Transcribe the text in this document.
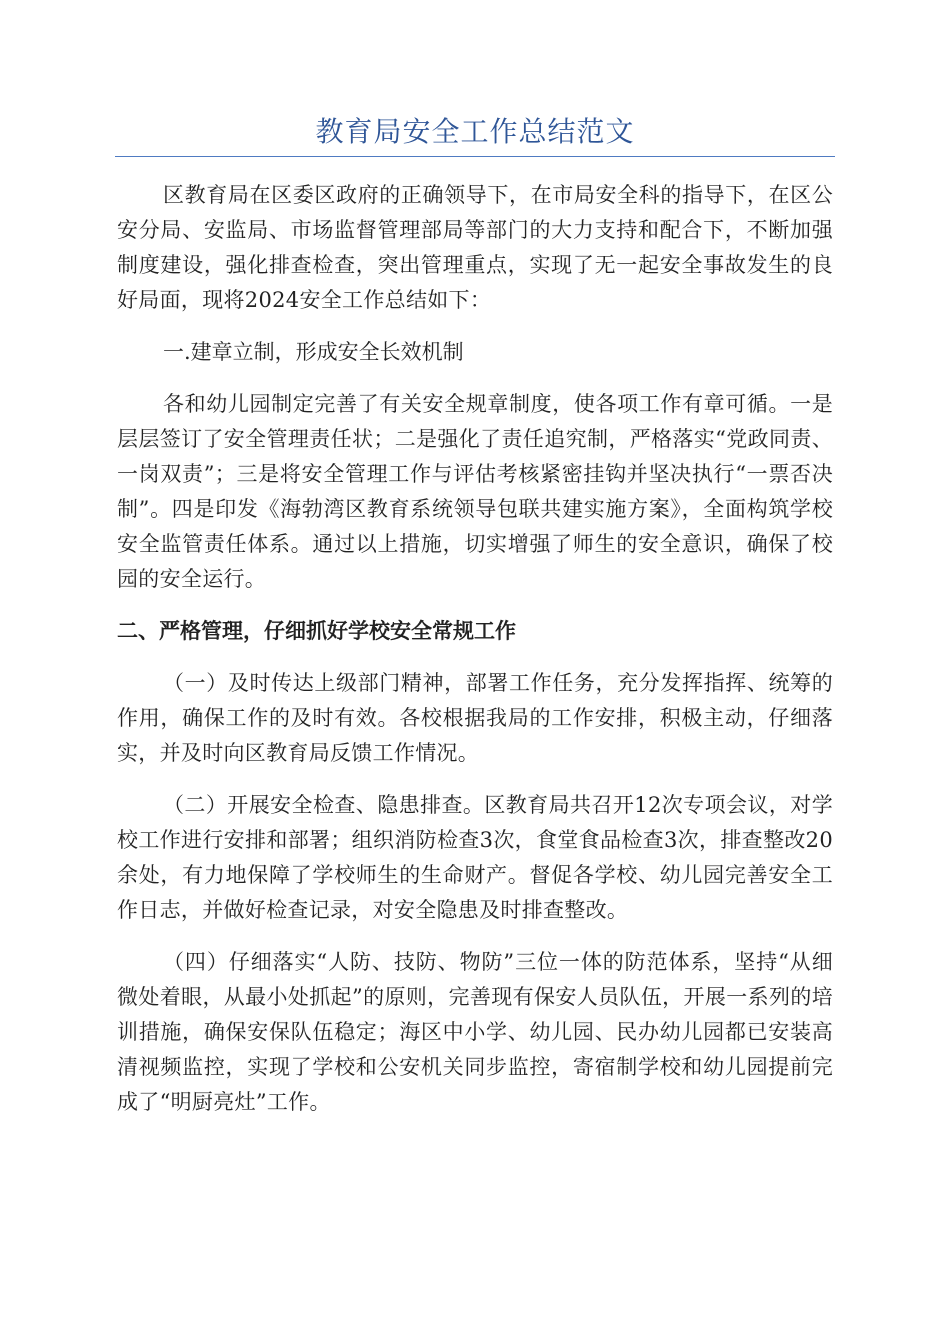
教育局安全工作总结范文

区教育局在区委区政府的正确领导下，在市局安全科的指导下，在区公安分局、安监局、市场监督管理部局等部门的大力支持和配合下，不断加强制度建设，强化排查检查，突出管理重点，实现了无一起安全事故发生的良好局面，现将2024安全工作总结如下：

一.建章立制，形成安全长效机制

各和幼儿园制定完善了有关安全规章制度，使各项工作有章可循。一是层层签订了安全管理责任状；二是强化了责任追究制，严格落实“党政同责、一岗双责”；三是将安全管理工作与评估考核紧密挂钩并坚决执行“一票否决制”。四是印发《海勃湾区教育系统领导包联共建实施方案》，全面构筑学校安全监管责任体系。通过以上措施，切实增强了师生的安全意识，确保了校园的安全运行。

二、严格管理，仔细抓好学校安全常规工作

（一）及时传达上级部门精神，部署工作任务，充分发挥指挥、统筹的作用，确保工作的及时有效。各校根据我局的工作安排，积极主动，仔细落实，并及时向区教育局反馈工作情况。

（二）开展安全检查、隐患排查。区教育局共召开12次专项会议，对学校工作进行安排和部署；组织消防检查3次，食堂食品检查3次，排查整改20余处，有力地保障了学校师生的生命财产。督促各学校、幼儿园完善安全工作日志，并做好检查记录，对安全隐患及时排查整改。

（四）仔细落实“人防、技防、物防”三位一体的防范体系，坚持“从细微处着眼，从最小处抓起”的原则，完善现有保安人员队伍，开展一系列的培训措施，确保安保队伍稳定；海区中小学、幼儿园、民办幼儿园都已安装高清视频监控，实现了学校和公安机关同步监控，寄宿制学校和幼儿园提前完成了“明厨亮灶”工作。
